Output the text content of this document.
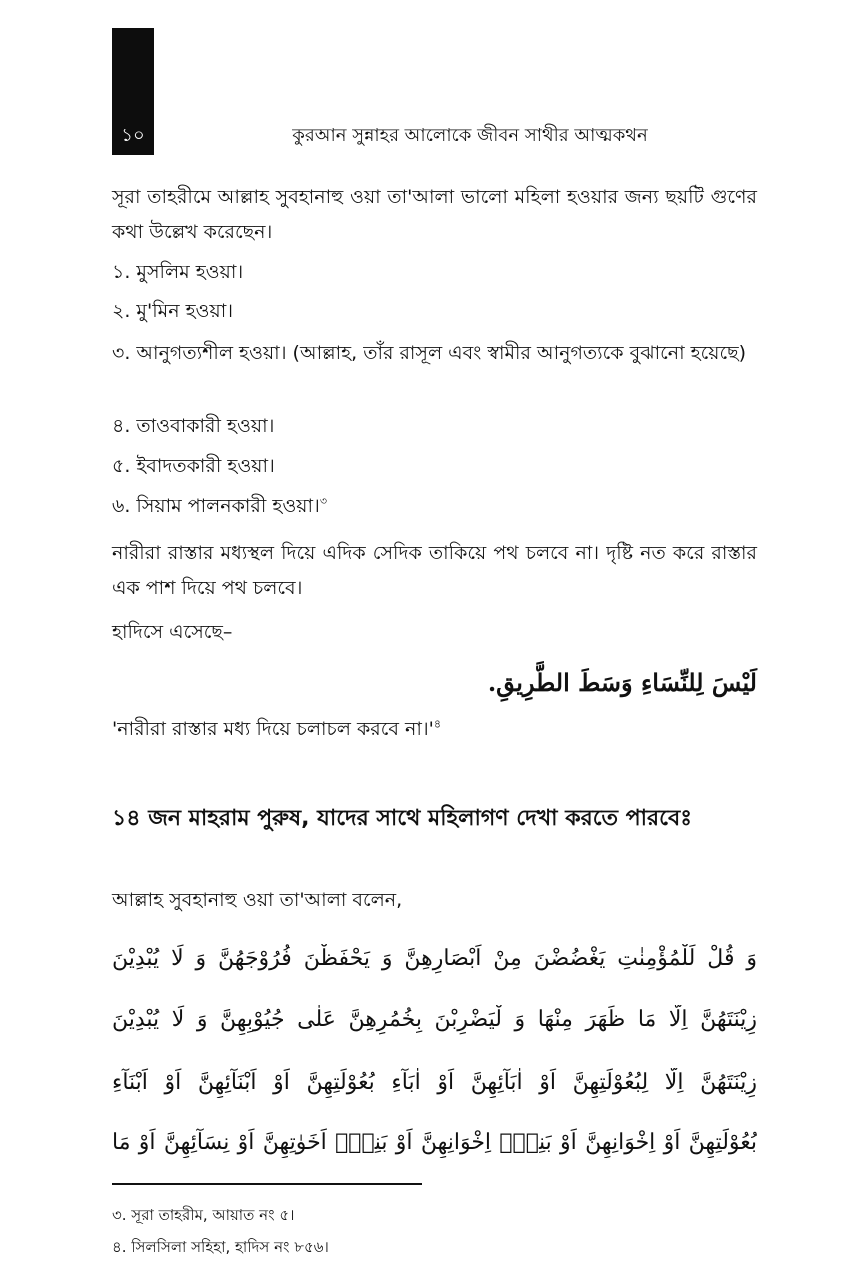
১০	কুরআন সুন্নাহর আলোকে জীবন সাথীর আত্মকথন
সূরা তাহরীমে আল্লাহ সুবহানাহু ওয়া তা'আলা ভালো মহিলা হওয়ার জন্য ছয়টি গুণের কথা উল্লেখ করেছেন।
১. মুসলিম হওয়া।
২. মু'মিন হওয়া।
৩. আনুগত্যশীল হওয়া। (আল্লাহ, তাঁর রাসূল এবং স্বামীর আনুগত্যকে বুঝানো হয়েছে)
৪. তাওবাকারী হওয়া।
৫. ইবাদতকারী হওয়া।
৬. সিয়াম পালনকারী হওয়া।$^৩$
নারীরা রাস্তার মধ্যস্থল দিয়ে এদিক সেদিক তাকিয়ে পথ চলবে না। দৃষ্টি নত করে রাস্তার এক পাশ দিয়ে পথ চলবে।
হাদিসে এসেছে–
لَيْسَ لِلنِّسَاءِ وَسَطَ الطَّرِيقِ.
'নারীরা রাস্তার মধ্য দিয়ে চলাচল করবে $না।'^৪$
১৪ জন মাহরাম পুরুষ, যাদের সাথে মহিলাগণ দেখা করতে পারবেঃ
আল্লাহ সুবহানাহু ওয়া তা'আলা বলেন,
وَ قُلْ لِّلْمُؤْمِنٰتِ يَغْضُضْنَ مِنْ اَبْصَارِهِنَّ وَ يَحْفَظْنَ فُرُوْجَهُنَّ وَ لَا يُبْدِيْنَ
زِيْنَتَهُنَّ اِلَّا مَا ظَهَرَ مِنْهَا وَ لْيَضْرِبْنَ بِخُمُرِهِنَّ عَلٰى جُيُوْبِهِنَّ وَ لَا يُبْدِيْنَ
زِيْنَتَهُنَّ اِلَّا لِبُعُوْلَتِهِنَّ اَوْ اٰبَآئِهِنَّ اَوْ اٰبَآءِ بُعُوْلَتِهِنَّ اَوْ اَبْنَآئِهِنَّ اَوْ اَبْنَآءِ
بُعُوْلَتِهِنَّ اَوْ اِخْوَانِهِنَّ اَوْ بَنِيْۤ اِخْوَانِهِنَّ اَوْ بَنِيْۤ اَخَوٰتِهِنَّ اَوْ نِسَآئِهِنَّ اَوْ مَا
৩. সূরা তাহরীম, আয়াত নং ৫।
৪. সিলসিলা সহিহা, হাদিস নং ৮৫৬।
